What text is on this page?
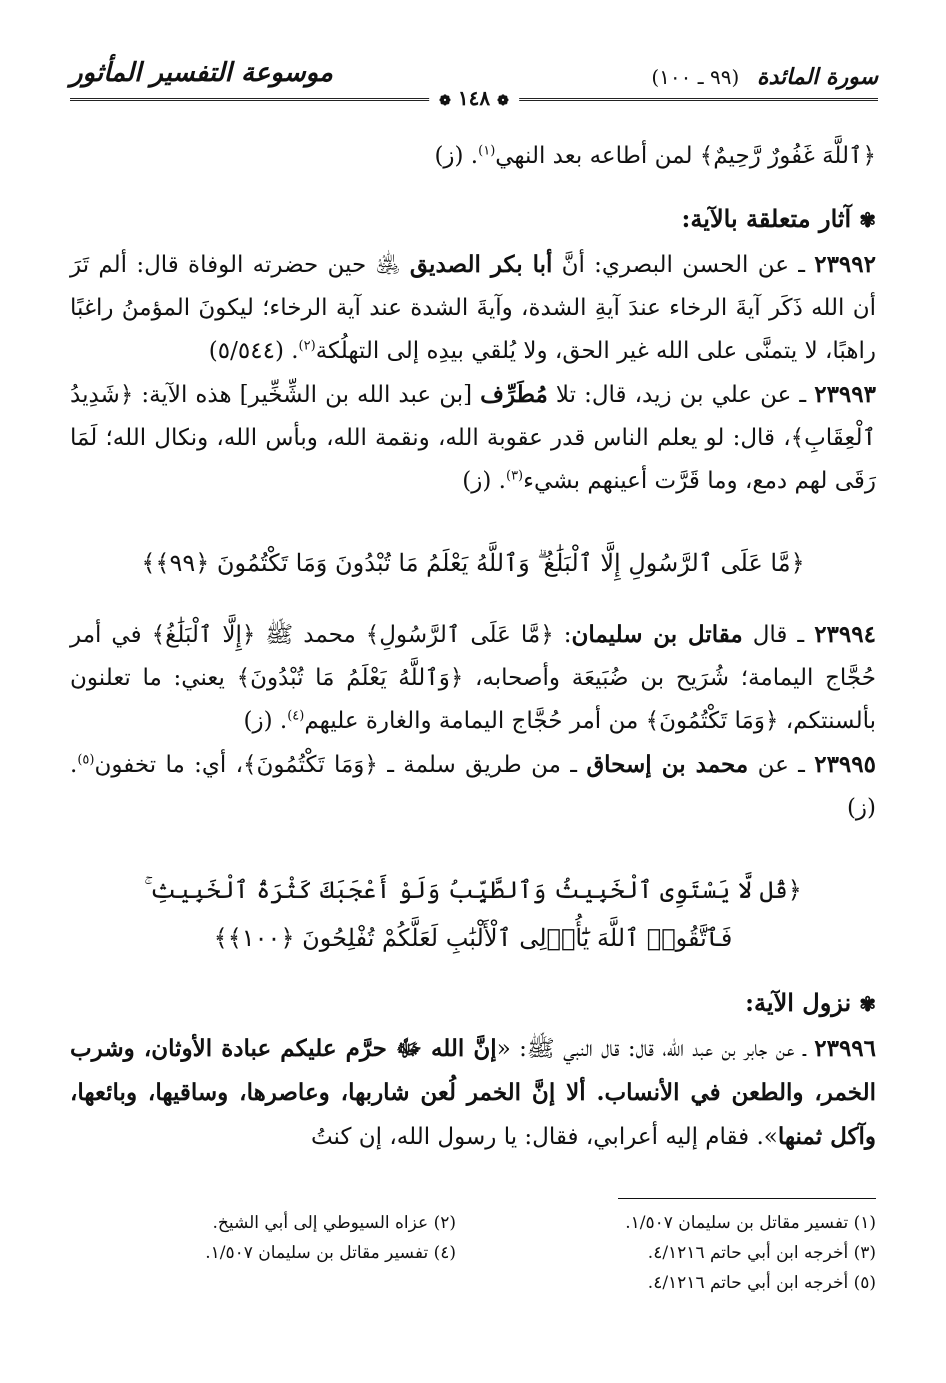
سورة المائدة (٩٩ ـ ١٠٠)
موسوعة التفسير المأثور
❁ ١٤٨ ❁

﴿ٱللَّهَ غَفُورٌ رَّحِيمٌ﴾ لمن أطاعه بعد النهي$^{(١)}$. (ز)

✾آثار متعلقة بالآية:

٢٣٩٩٢ ـ عن الحسن البصري: أنَّ أبا بكر الصديق ﵁ حين حضرته الوفاة قال: ألم تَرَ أن الله ذَكَر آيةَ الرخاء عندَ آيةِ الشدة، وآيةَ الشدة عند آية الرخاء؛ ليكونَ المؤمنُ راغبًا راهبًا، لا يتمنَّى على الله غير الحق، ولا يُلقي بيدِه إلى التهلُكة$^{(٢)}$. (٥/٥٤٤)

٢٣٩٩٣ ـ عن علي بن زيد، قال: تلا مُطَرِّف [بن عبد الله بن الشِّخِّير] هذه الآية: ﴿شَدِيدُ ٱلْعِقَابِ﴾، قال: لو يعلم الناس قدر عقوبة الله، ونقمة الله، وبأس الله، ونكال الله؛ لَمَا رَقَى لهم دمع، وما قَرَّت أعينهم بشيء$^{(٣)}$. (ز)

﴿مَّا عَلَى ٱلرَّسُولِ إِلَّا ٱلْبَلَٰغُ ۗ وَٱللَّهُ يَعْلَمُ مَا تُبْدُونَ وَمَا تَكْتُمُونَ ﴿٩٩﴾﴾

٢٣٩٩٤ ـ قال مقاتل بن سليمان: ﴿مَّا عَلَى ٱلرَّسُولِ﴾ محمد ﷺ ﴿إِلَّا ٱلْبَلَٰغُ﴾ في أمر حُجَّاج اليمامة؛ شُرَيح بن ضُبَيعَة وأصحابه، ﴿وَٱللَّهُ يَعْلَمُ مَا تُبْدُونَ﴾ يعني: ما تعلنون بألسنتكم، ﴿وَمَا تَكْتُمُونَ﴾ من أمر حُجَّاج اليمامة والغارة عليهم$^{(٤)}$. (ز)

٢٣٩٩٥ ـ عن محمد بن إسحاق ـ من طريق سلمة ـ ﴿وَمَا تَكْتُمُونَ﴾، أي: ما تخفون$^{(٥)}$. (ز)

﴿قُل لَّا يَسْتَوِى ٱلْخَبِيثُ وَٱلطَّيِّبُ وَلَوْ أَعْجَبَكَ كَثْرَةُ ٱلْخَبِيثِ ۚ

فَٱتَّقُوا۟ ٱللَّهَ يَٰٓأُو۟لِى ٱلْأَلْبَٰبِ لَعَلَّكُمْ تُفْلِحُونَ ﴿١٠٠﴾﴾

✾نزول الآية:

٢٣٩٩٦ ـ عن جابر بن عبد الله، قال: قال النبي ﷺ: «إنَّ الله ﷻ حرَّم عليكم عبادة الأوثان، وشرب الخمر، والطعن في الأنساب. ألا إنَّ الخمر لُعن شاربها، وعاصرها، وساقيها، وبائعها، وآكل ثمنها». فقام إليه أعرابي، فقال: يا رسول الله، إن كنتُ

(١) تفسير مقاتل بن سليمان ١/٥٠٧.

(٣) أخرجه ابن أبي حاتم ٤/١٢١٦.

(٥) أخرجه ابن أبي حاتم ٤/١٢١٦.

(٢) عزاه السيوطي إلى أبي الشيخ.

(٤) تفسير مقاتل بن سليمان ١/٥٠٧.
